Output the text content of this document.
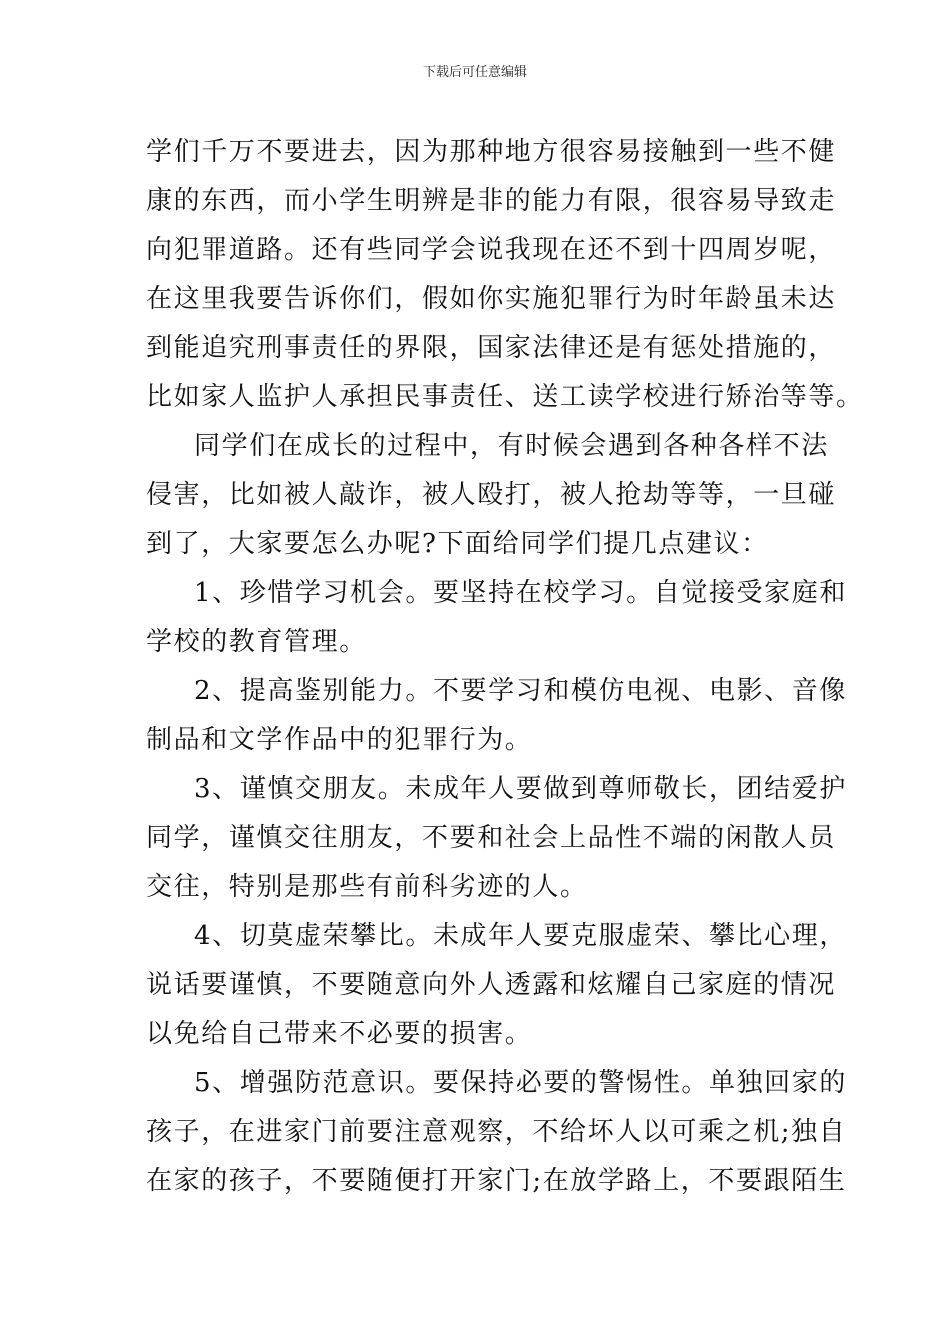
下载后可任意编辑
学们千万不要进去，因为那种地方很容易接触到一些不健
康的东西，而小学生明辨是非的能力有限，很容易导致走
向犯罪道路。还有些同学会说我现在还不到十四周岁呢，
在这里我要告诉你们，假如你实施犯罪行为时年龄虽未达
到能追究刑事责任的界限，国家法律还是有惩处措施的，
比如家人监护人承担民事责任、送工读学校进行矫治等等。
同学们在成长的过程中，有时候会遇到各种各样不法
侵害，比如被人敲诈，被人殴打，被人抢劫等等，一旦碰
到了，大家要怎么办呢?下面给同学们提几点建议：
1、珍惜学习机会。要坚持在校学习。自觉接受家庭和
学校的教育管理。
2、提高鉴别能力。不要学习和模仿电视、电影、音像
制品和文学作品中的犯罪行为。
3、谨慎交朋友。未成年人要做到尊师敬长，团结爱护
同学，谨慎交往朋友，不要和社会上品性不端的闲散人员
交往，特别是那些有前科劣迹的人。
4、切莫虚荣攀比。未成年人要克服虚荣、攀比心理，
说话要谨慎，不要随意向外人透露和炫耀自己家庭的情况
以免给自己带来不必要的损害。
5、增强防范意识。要保持必要的警惕性。单独回家的
孩子，在进家门前要注意观察，不给坏人以可乘之机;独自
在家的孩子，不要随便打开家门;在放学路上，不要跟陌生
